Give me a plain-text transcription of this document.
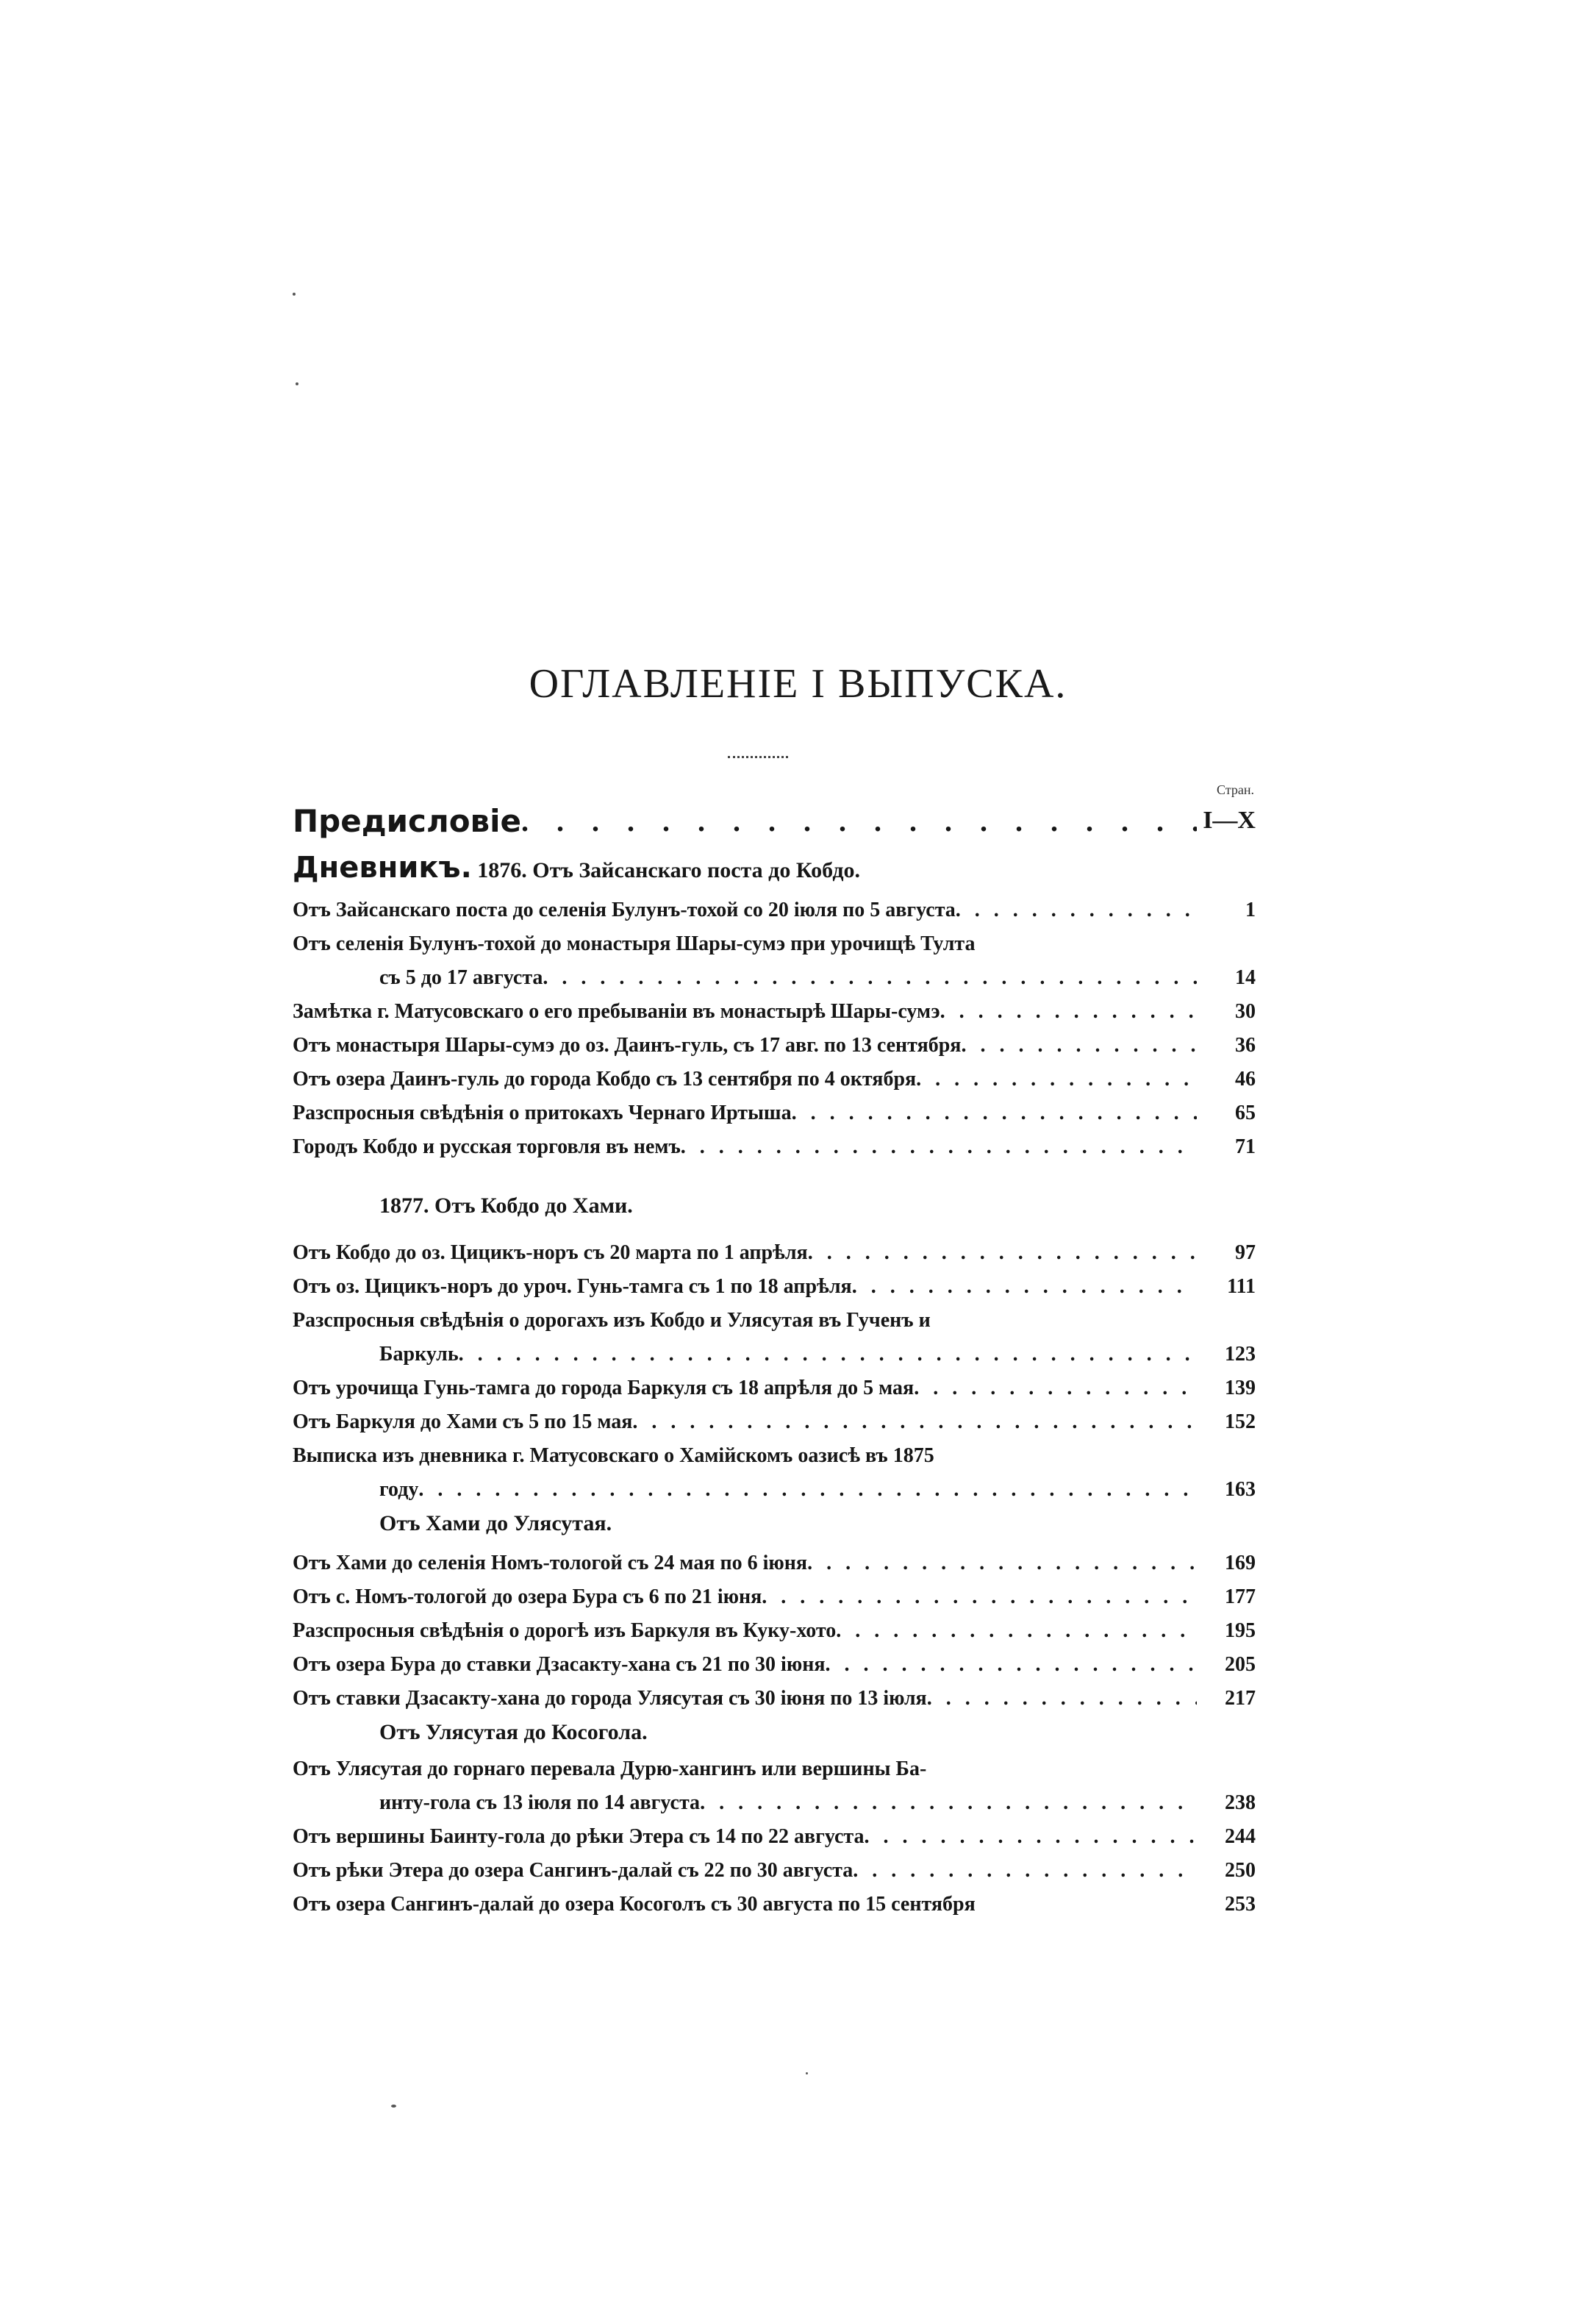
ОГЛАВЛЕНІЕ I ВЫПУСКА.
Стран.
Предисловіе . . .	I—X
Дневникъ. 1876. Отъ Зайсанскаго поста до Кобдо.
Отъ Зайсанскаго поста до селенія Булунъ-тохой со 20 іюля по 5 августа . . .	1
Отъ селенія Булунъ-тохой до монастыря Шары-сумэ при урочищѣ Тулта
съ 5 до 17 августа . . .	14
Замѣтка г. Матусовскаго о его пребываніи въ монастырѣ Шары-сумэ . . .	30
Отъ монастыря Шары-сумэ до оз. Даинъ-гуль, съ 17 авг. по 13 сентября . . .	36
Отъ озера Даинъ-гуль до города Кобдо съ 13 сентября по 4 октября . . .	46
Разспросныя свѣдѣнія о притокахъ Чернаго Иртыша . . .	65
Городъ Кобдо и русская торговля въ немъ . . .	71
1877. Отъ Кобдо до Хами.
Отъ Кобдо до оз. Цицикъ-норъ съ 20 марта по 1 апрѣля . . .	97
Отъ оз. Цицикъ-норъ до уроч. Гунь-тамга съ 1 по 18 апрѣля . . .	111
Разспросныя свѣдѣнія о дорогахъ изъ Кобдо и Улясутая въ Гученъ и
Баркуль . . .	123
Отъ урочища Гунь-тамга до города Баркуля съ 18 апрѣля до 5 мая . . .	139
Отъ Баркуля до Хами съ 5 по 15 мая . . .	152
Выписка изъ дневника г. Матусовскаго о Хамійскомъ оазисѣ въ 1875
году . . .	163
Отъ Хами до Улясутая.
Отъ Хами до селенія Номъ-тологой съ 24 мая по 6 іюня . . .	169
Отъ с. Номъ-тологой до озера Бура съ 6 по 21 іюня . . .	177
Разспросныя свѣдѣнія о дорогѣ изъ Баркуля въ Куку-хото . . .	195
Отъ озера Бура до ставки Дзасакту-хана съ 21 по 30 іюня . . .	205
Отъ ставки Дзасакту-хана до города Улясутая съ 30 іюня по 13 іюля . . .	217
Отъ Улясутая до Косогола.
Отъ Улясутая до горнаго перевала Дурю-хангинъ или вершины Ба-
инту-гола съ 13 іюля по 14 августа . . .	238
Отъ вершины Баинту-гола до рѣки Этера съ 14 по 22 августа . . .	244
Отъ рѣки Этера до озера Сангинъ-далай съ 22 по 30 августа . . .	250
Отъ озера Сангинъ-далай до озера Косоголъ съ 30 августа по 15 сентября	253
